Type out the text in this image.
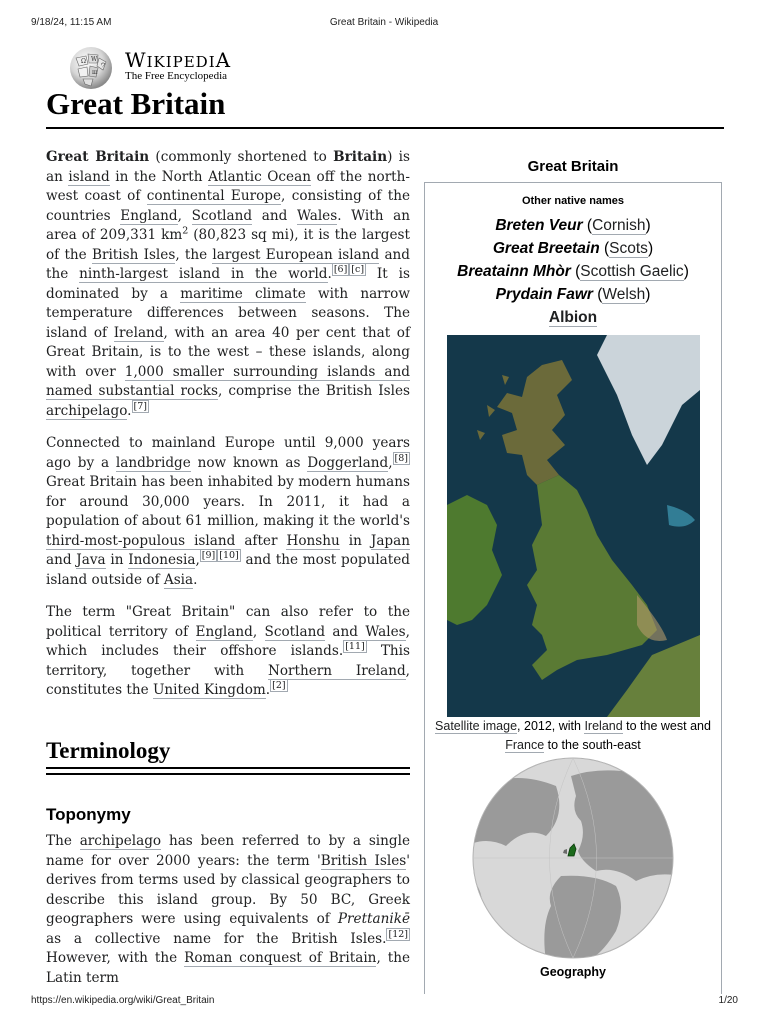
9/18/24, 11:15 AM	Great Britain - Wikipedia
Ω W
ш
ウ WIKIPEDIA
The Free Encyclopedia
Great Britain

Great Britain (commonly shortened to Britain) is an island in the North Atlantic Ocean off the north-west coast of continental Europe, consisting of the countries England, Scotland and Wales. With an area of 209,331 $km^2$ (80,823 sq mi), it is the largest of the British Isles, the largest European island and the ninth-largest island in the world. [6] [c] It is dominated by a maritime climate with narrow temperature differences between seasons. The island of Ireland, with an area 40 per cent that of Great Britain, is to the west – these islands, along with over 1,000 smaller surrounding islands and named substantial rocks, comprise the British Isles archipelago. [7]

Connected to mainland Europe until 9,000 years ago by a landbridge now known as Doggerland, [8] Great Britain has been inhabited by modern humans for around 30,000 years. In 2011, it had a population of about 61 million, making it the world's third-most-populous island after Honshu in Japan and Java in Indonesia, [9] [10] and the most populated island outside of Asia.

The term "Great Britain" can also refer to the political territory of England, Scotland and Wales, which includes their offshore islands. [11] This territory, together with Northern Ireland, constitutes the United Kingdom. [2]

Terminology
Toponymy

The archipelago has been referred to by a single name for over 2000 years: the term 'British Isles' derives from terms used by classical geographers to describe this island group. By 50 BC, Greek geographers were using equivalents of Prettanikē as a collective name for the British Isles. [12] However, with the Roman conquest of Britain, the Latin term

Great Britain
Other native names
Breten Veur (Cornish)
Great Breetain (Scots)
Breatainn Mhòr (Scottish Gaelic)
Prydain Fawr (Welsh)
Albion
Satellite image, 2012, with Ireland to the west and France to the south-east
Geography
https://en.wikipedia.org/wiki/Great_Britain	1/20
